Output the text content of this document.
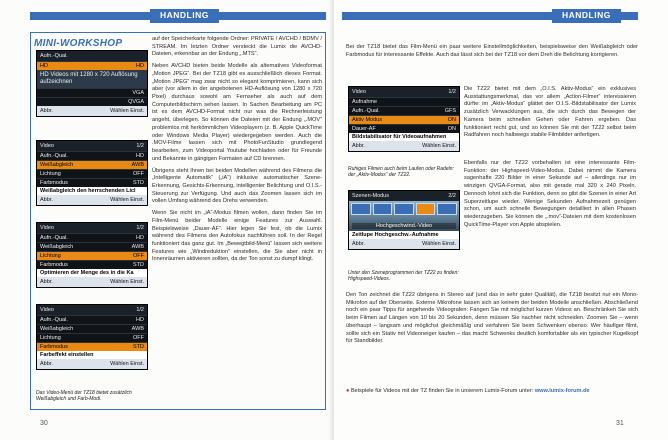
HANDLING
MINI-WORKSHOP
Aufn.-Qual.
HD	HD
HD Videos mit 1280 x 720 Auflösung aufzeichnen
VGA
QVGA
Abbr.	Wählen Einst.
Video	1/2
Aufn.-Qual.	HD
Weißabgleich	AWB
Lichtung	OFF
Farbmodus	STD
Weißabgleich den herrschenden Licl
Abbr.	Wählen Einst.
Video	1/2
Aufn.-Qual.	HD
Weißabgleich	AWB
Lichtung	OFF
Farbmodus	STD
Optimieren der Menge des in die Ka
Abbr.	Wählen Einst.
Video	1/2
Aufn.-Qual.	HD
Weißabgleich	AWB
Lichtung	OFF
Farbmodus	STD
Farbeffekt einstellen
Abbr.	Wählen Einst.
Das Video-Menü der TZ18 bietet zusätzlich Weißabgleich und Farb-Modi.

auf der Speicherkarte folgende Ordner: PRIVATE / AVCHD / BDMV / STREAM. Im letzten Ordner versteckt die Lumix die AVCHD-Dateien, erkennbar an der Endung „.MTS“.

Neben AVCHD bieten beide Modelle als alternatives Videoformat „Motion JPEG“. Bei der TZ18 gibt es ausschließlich dieses Format. „Motion JPEG“ mag zwar nicht so elegant komprimieren, kann sich aber (vor allem in der angebotenen HD-Auflösung von 1280 x 720 Pixel) durchaus sowohl am Fernseher als auch auf dem Computerbildschirm sehen lassen. In Sachen Bearbeitung am PC ist es dem AVCHD-Format nicht nur was die Rechnerleistung angeht, überlegen. So können die Dateien mit der Endung „.MOV“ problemlos mit herkömmlichen Videoplayern (z. B. Apple QuickTime oder Windows Media Player) wiedergegeben werden. Auch die .MOV-Filme lassen sich mit PhotoFunStudio grundlegend bearbeiten, zum Videoportal Youtube hochladen oder für Freunde und Bekannte in gängigen Formaten auf CD brennen.

Übrigens steht Ihnen bei beiden Modellen während des Filmens die „Intelligente Automatik“ („iA“) inklusive automatischer Szene-Erkennung, Gesichts-Erkennung, intelligenter Belichtung und O.I.S.-Steuerung zur Verfügung. Und auch das Zoomen lassen sich im vollen Umfang während des Drehs verwenden.

Wenn Sie nicht im „iA“-Modus filmen wollen, dann finden Sie im Film-Menü beider Modelle einige Features zur Auswahl. Beispielsweise „Dauer-AF“. Hier legen Sie fest, ob die Lumix während des Filmens den Autofokus nachführen soll. In der Regel funktioniert das ganz gut. Im „Bewegtbild-Menü“ lassen sich weitere Features wie „Windreduktion“ einstellen, die Sie aber nicht in Innenräumen aktivieren sollten, da der Ton sonst zu dumpf klingt.

30
HANDLING
Bei der TZ18 bietet das Film-Menü ein paar weitere Einstellmöglichkeiten, beispielsweise den Weißabgleich oder Farbmodus für interessante Effekte. Auch das lässt sich bei der TZ18 vor dem Dreh die Belichtung korrigieren.
Video	1/2
Aufnahme
Aufn.-Qual.	GFS
Aktiv Modus	ON
Dauer-AF	ON
Bildstabilisator für Videoaufnahmen
Abbr.	Wählen Einst.
Ruhiges Filmen auch beim Laufen oder Radeln: der „Aktiv-Modus“ der TZ22.
Szenen-Modus	2/2
Hochgeschwind.-Video
Zeitlupe Hochgeschw.-Aufnahme
Abbr.	Wählen Einst.
Unter den Szeneprogrammen der TZ22 zu finden: Highspeed-Videos.
Die TZ22 bietet mit dem „O.I.S. Aktiv-Modus“ ein exklusives Ausstattungsmerkmal, das vor allem „Action-Filmer“ interessieren dürfte: im „Aktiv-Modus“ glättet der O.I.S.-Bildstabilisator der Lumix zusätzlich Verwacklungen aus, die sich durch das Bewegen der Kamera beim schnellen Gehen oder Fahren ergeben. Das funktioniert recht gut, und so können Sie mit der TZ22 selbst beim Radfahren noch halbwegs stabile Filmbilder anfertigen.
Ebenfalls nur der TZ22 vorbehalten ist eine interessante Film-Funktion: der Highspeed-Video-Modus. Dabei nimmt die Kamera sagenhafte 220 Bilder in einer Sekunde auf – allerdings nur im winzigen QVGA-Format, also mit gerade mal 320 x 240 Pixeln. Dennoch lohnt sich die Funktion, denn so gibt die Szenen in einer Art Superzeitlupe wieder. Wenige Sekunden Aufnahmezeit genügen schon, um auch schnelle Bewegungen detailliert in allen Phasen wiederzugeben. Sie können die „.mov“-Dateien mit dem kostenlosen QuickTime-Player von Apple abspielen.
Den Ton zeichnet die TZ22 übrigens in Stereo auf (und das in sehr guter Qualität), die TZ18 besitzt nur ein Mono-Mikrofon auf der Oberseite. Externe Mikrofone lassen sich an keinem der beiden Modelle anschließen. Abschließend noch ein paar Tipps für angehende Videografen: Fangen Sie mit möglichst kurzen Videos an. Beschränken Sie sich beim Filmen auf Längen von 10 bis 20 Sekunden, denn müssen Sie nachher nicht schneiden. Zoomen Sie – wenn überhaupt – langsam und möglichst gleichmäßig und verfahren Sie beim Schwenken ebenso. Wer häufiger filmt, sollte sich ein Stativ mit Videoneiger kaufen – das macht Schwenks deutlich komfortabler als ein typischer Kugelkopf für Standbilder.
● Beispiele für Videos mit der TZ finden Sie in unserem Lumix-Forum unter: www.lumix-forum.de
31
